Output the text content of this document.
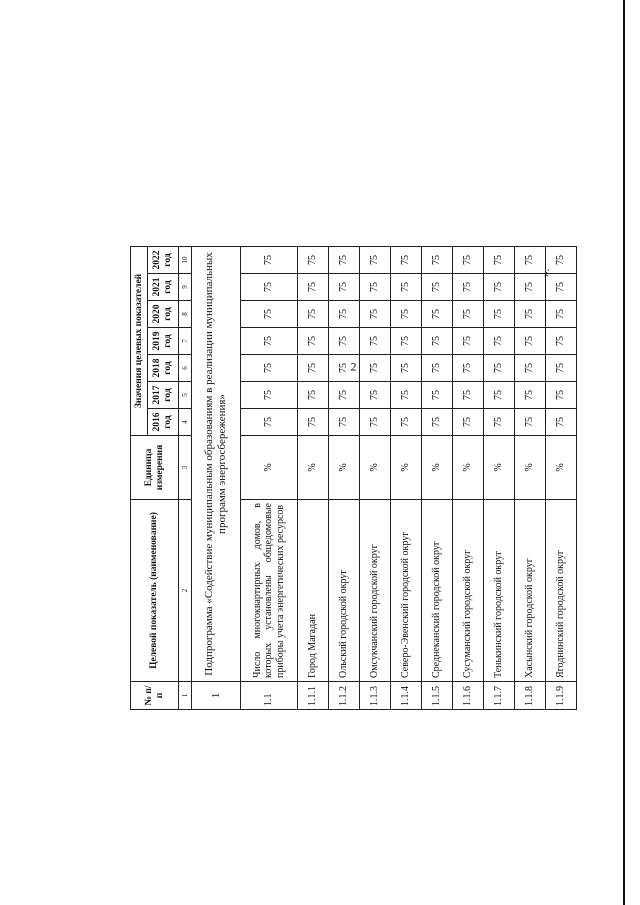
2
№ п/п	Целевой показатель (наименование)	Единица измерения	Значения целевых показателей						
			2016 год	2017 год	2018 год	2019 год	2020 год	2021 год	2022 год
1	2	3	4	5	6	7	8	9	10
1	Подпрограмма «Содействие муниципальным образованиям в реализации муниципальных программ энергосбережения»								
1.1	Число многоквартирных домов, в которых установлены общедомовые приборы учета энергетических ресурсов	%	75	75	75	75	75	75	75
1.1.1	Город Магадан	%	75	75	75	75	75	75	75
1.1.2	Ольский городской округ	%	75	75	75	75	75	75	75
1.1.3	Омсукчанский городской округ	%	75	75	75	75	75	75	75
1.1.4	Северо-Эвенский городской округ	%	75	75	75	75	75	75	75
1.1.5	Среднеканский городской округ	%	75	75	75	75	75	75	75
1.1.6	Сусуманский городской округ	%	75	75	75	75	75	75	75
1.1.7	Тенькинский городской округ	%	75	75	75	75	75	75	75
1.1.8	Хасынский городской округ	%	75	75	75	75	75	75	75
1.1.9	Ягоднинский городской округ	%	75	75	75	75	75	75	75
».
